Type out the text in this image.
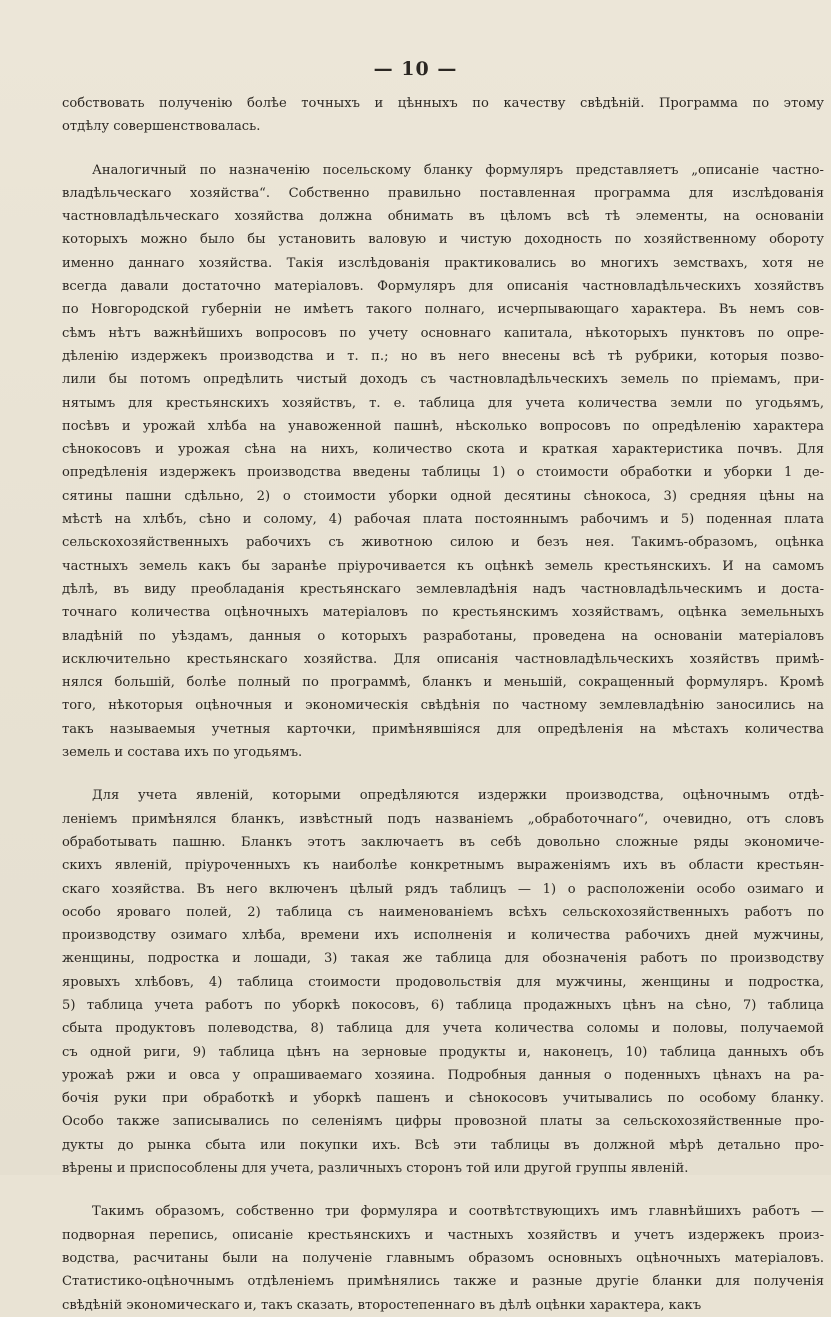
— 10 —
собствовать полученію болѣе точныхъ и цѣнныхъ по качеству свѣдѣній. Программа по этому
отдѣлу совершенствовалась.
Аналогичный по назначенію посельскому бланку формуляръ представляетъ „описаніе частно-
владѣльческаго хозяйства“. Собственно правильно поставленная программа для изслѣдованія
частновладѣльческаго хозяйства должна обнимать въ цѣломъ всѣ тѣ элементы, на основаніи
которыхъ можно было бы установить валовую и чистую доходность по хозяйственному обороту
именно даннаго хозяйства. Такія изслѣдованія практиковались во многихъ земствахъ, хотя не
всегда давали достаточно матеріаловъ. Формуляръ для описанія частновладѣльческихъ хозяйствъ
по Новгородской губерніи не имѣетъ такого полнаго, исчерпывающаго характера. Въ немъ сов-
сѣмъ нѣтъ важнѣйшихъ вопросовъ по учету основнаго капитала, нѣкоторыхъ пунктовъ по опре-
дѣленію издержекъ производства и т. п.; но въ него внесены всѣ тѣ рубрики, которыя позво-
лили бы потомъ опредѣлить чистый доходъ съ частновладѣльческихъ земель по пріемамъ, при-
нятымъ для крестьянскихъ хозяйствъ, т. е. таблица для учета количества земли по угодьямъ,
посѣвъ и урожай хлѣба на унавоженной пашнѣ, нѣсколько вопросовъ по опредѣленію характера
сѣнокосовъ и урожая сѣна на нихъ, количество скота и краткая характеристика почвъ. Для
опредѣленія издержекъ производства введены таблицы 1) о стоимости обработки и уборки 1 де-
сятины пашни сдѣльно, 2) о стоимости уборки одной десятины сѣнокоса, 3) средняя цѣны на
мѣстѣ на хлѣбъ, сѣно и солому, 4) рабочая плата постояннымъ рабочимъ и 5) поденная плата
сельскохозяйственныхъ рабочихъ съ животною силою и безъ нея. Такимъ-образомъ, оцѣнка
частныхъ земель какъ бы заранѣе пріурочивается къ оцѣнкѣ земель крестьянскихъ. И на самомъ
дѣлѣ, въ виду преобладанія крестьянскаго землевладѣнія надъ частновладѣльческимъ и доста-
точнаго количества оцѣночныхъ матеріаловъ по крестьянскимъ хозяйствамъ, оцѣнка земельныхъ
владѣній по уѣздамъ, данныя о которыхъ разработаны, проведена на основаніи матеріаловъ
исключительно крестьянскаго хозяйства. Для описанія частновладѣльческихъ хозяйствъ примѣ-
нялся большій, болѣе полный по программѣ, бланкъ и меньшій, сокращенный формуляръ. Кромѣ
того, нѣкоторыя оцѣночныя и экономическія свѣдѣнія по частному землевладѣнію заносились на
такъ называемыя учетныя карточки, примѣнявшіяся для опредѣленія на мѣстахъ количества
земель и состава ихъ по угодьямъ.
Для учета явленій, которыми опредѣляются издержки производства, оцѣночнымъ отдѣ-
леніемъ примѣнялся бланкъ, извѣстный подъ названіемъ „обработочнаго“, очевидно, отъ словъ
обработывать пашню. Бланкъ этотъ заключаетъ въ себѣ довольно сложные ряды экономиче-
скихъ явленій, пріуроченныхъ къ наиболѣе конкретнымъ выраженіямъ ихъ въ области крестьян-
скаго хозяйства. Въ него включенъ цѣлый рядъ таблицъ — 1) о расположеніи особо озимаго и
особо яроваго полей, 2) таблица съ наименованіемъ всѣхъ сельскохозяйственныхъ работъ по
производству озимаго хлѣба, времени ихъ исполненія и количества рабочихъ дней мужчины,
женщины, подростка и лошади, 3) такая же таблица для обозначенія работъ по производству
яровыхъ хлѣбовъ, 4) таблица стоимости продовольствія для мужчины, женщины и подростка,
5) таблица учета работъ по уборкѣ покосовъ, 6) таблица продажныхъ цѣнъ на сѣно, 7) таблица
сбыта продуктовъ полеводства, 8) таблица для учета количества соломы и половы, получаемой
съ одной риги, 9) таблица цѣнъ на зерновые продукты и, наконецъ, 10) таблица данныхъ объ
урожаѣ ржи и овса у опрашиваемаго хозяина. Подробныя данныя о поденныхъ цѣнахъ на ра-
бочія руки при обработкѣ и уборкѣ пашенъ и сѣнокосовъ учитывались по особому бланку.
Особо также записывались по селеніямъ цифры провозной платы за сельскохозяйственные про-
дукты до рынка сбыта или покупки ихъ. Всѣ эти таблицы въ должной мѣрѣ детально про-
вѣрены и приспособлены для учета, различныхъ сторонъ той или другой группы явленій.
Такимъ образомъ, собственно три формуляра и соотвѣтствующихъ имъ главнѣйшихъ работъ —
подворная перепись, описаніе крестьянскихъ и частныхъ хозяйствъ и учетъ издержекъ произ-
водства, расчитаны были на полученіе главнымъ образомъ основныхъ оцѣночныхъ матеріаловъ.
Статистико-оцѣночнымъ отдѣленіемъ примѣнялись также и разные другіе бланки для полученія
свѣдѣній экономическаго и, такъ сказать, второстепеннаго въ дѣлѣ оцѣнки характера, какъ
